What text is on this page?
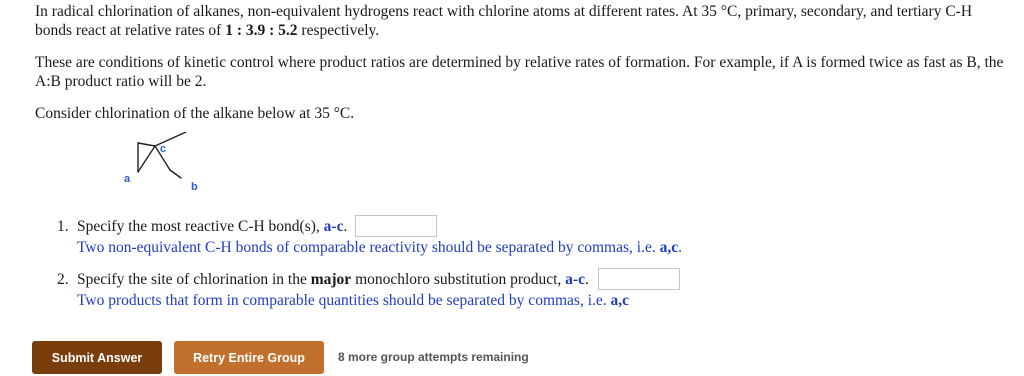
In radical chlorination of alkanes, non-equivalent hydrogens react with chlorine atoms at different rates. At 35 °C, primary, secondary, and tertiary C-H bonds react at relative rates of 1 : 3.9 : 5.2 respectively.
These are conditions of kinetic control where product ratios are determined by relative rates of formation. For example, if A is formed twice as fast as B, the A:B product ratio will be 2.
Consider chlorination of the alkane below at 35 °C.
a
b
c
1. Specify the most reactive C-H bond(s), a-c.
Two non-equivalent C-H bonds of comparable reactivity should be separated by commas, i.e. a,c.
2. Specify the site of chlorination in the major monochloro substitution product, a-c.
Two products that form in comparable quantities should be separated by commas, i.e. a,c
Submit Answer	Retry Entire Group	8 more group attempts remaining
